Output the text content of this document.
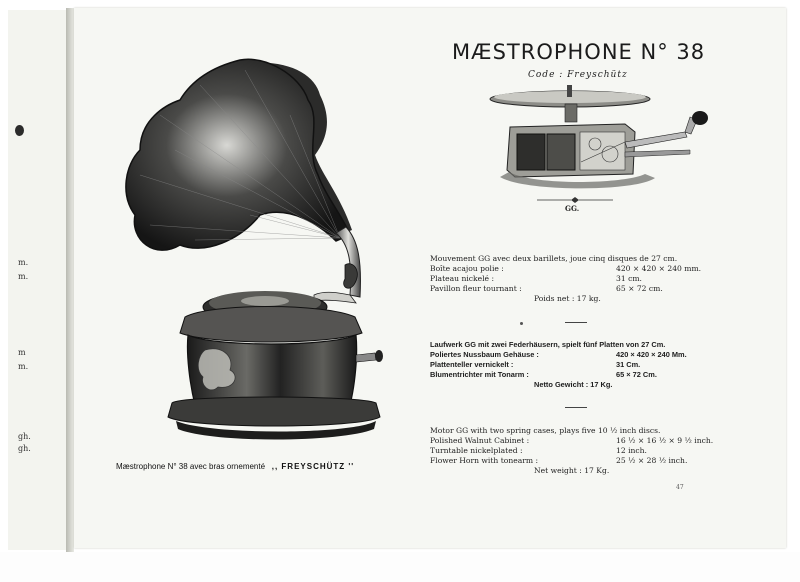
m.
m.
m
m.
gh.
gh.
MÆSTROPHONE N° 38
Code : Freyschütz
GG.
Mouvement GG avec deux barillets, joue cinq disques de 27 cm.
Boîte acajou polie :	420 × 420 × 240 mm.
Plateau nickelé :	31 cm.
Pavillon fleur tournant :	65 × 72 cm.
Poids net : 17 kg.
Laufwerk GG mit zwei Federhäusern, spielt fünf Platten von 27 Cm.
Poliertes Nussbaum Gehäuse :	420 × 420 × 240 Mm.
Plattenteller vernickelt :	31 Cm.
Blumentrichter mit Tonarm :	65 × 72 Cm.
Netto Gewicht : 17 Kg.
Motor GG with two spring cases, plays five 10 ½ inch discs.
Polished Walnut Cabinet :	16 ½ × 16 ½ × 9 ½ inch.
Turntable nickelplated :	12 inch.
Flower Horn with tonearm :	25 ½ × 28 ½ inch.
Net weight : 17 Kg.
Mæstrophone N° 38 avec bras ornementé ,, FREYSCHÜTZ ''
47
